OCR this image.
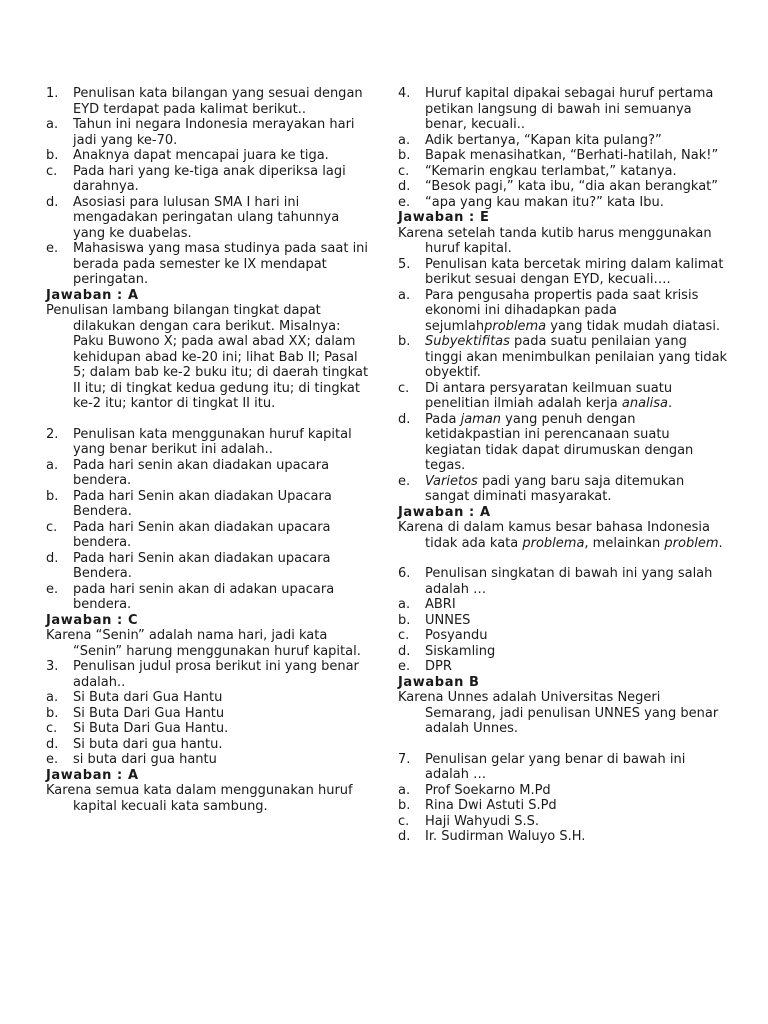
1.	Penulisan kata bilangan yang sesuai dengan EYD terdapat pada kalimat berikut..
a.	Tahun ini negara Indonesia merayakan hari jadi yang ke-70.
b.	Anaknya dapat mencapai juara ke tiga.
c.	Pada hari yang ke-tiga anak diperiksa lagi darahnya.
d.	Asosiasi para lulusan SMA I hari ini mengadakan peringatan ulang tahunnya yang ke duabelas.
e.	Mahasiswa yang masa studinya pada saat ini berada pada semester ke IX mendapat peringatan.
Jawaban : A
Penulisan lambang bilangan tingkat dapat dilakukan dengan cara berikut. Misalnya: Paku Buwono X; pada awal abad XX; dalam kehidupan abad ke-20 ini; lihat Bab II; Pasal 5; dalam bab ke-2 buku itu; di daerah tingkat II itu; di tingkat kedua gedung itu; di tingkat ke-2 itu; kantor di tingkat II itu.
2.	Penulisan kata menggunakan huruf kapital yang benar berikut ini adalah..
a.	Pada hari senin akan diadakan upacara bendera.
b.	Pada hari Senin akan diadakan Upacara Bendera.
c.	Pada hari Senin akan diadakan upacara bendera.
d.	Pada hari Senin akan diadakan upacara Bendera.
e.	pada hari senin akan di adakan upacara bendera.
Jawaban : C
Karena “Senin” adalah nama hari, jadi kata “Senin” harung menggunakan huruf kapital.
3.	Penulisan judul prosa berikut ini yang benar adalah..
a.	Si Buta dari Gua Hantu
b.	Si Buta Dari Gua Hantu
c.	Si Buta Dari Gua Hantu.
d.	Si buta dari gua hantu.
e.	si buta dari gua hantu
Jawaban : A
Karena semua kata dalam menggunakan huruf kapital kecuali kata sambung.
4.	Huruf kapital dipakai sebagai huruf pertama petikan langsung di bawah ini semuanya benar, kecuali..
a.	Adik bertanya, “Kapan kita pulang?”
b.	Bapak menasihatkan, “Berhati-hatilah, Nak!”
c.	“Kemarin engkau terlambat,” katanya.
d.	“Besok pagi,” kata ibu, “dia akan berangkat”
e.	“apa yang kau makan itu?” kata Ibu.
Jawaban : E
Karena setelah tanda kutib harus menggunakan huruf kapital.
5.	Penulisan kata bercetak miring dalam kalimat berikut sesuai dengan EYD, kecuali….
a.	Para pengusaha propertis pada saat krisis ekonomi ini dihadapkan pada sejumlahproblema yang tidak mudah diatasi.
b.	Subyektifitas pada suatu penilaian yang tinggi akan menimbulkan penilaian yang tidak obyektif.
c.	Di antara persyaratan keilmuan suatu penelitian ilmiah adalah kerja analisa.
d.	Pada jaman yang penuh dengan ketidakpastian ini perencanaan suatu kegiatan tidak dapat dirumuskan dengan tegas.
e.	Varietos padi yang baru saja ditemukan sangat diminati masyarakat.
Jawaban : A
Karena di dalam kamus besar bahasa Indonesia tidak ada kata problema, melainkan problem.
6.	Penulisan singkatan di bawah ini yang salah adalah …
a.	ABRI
b.	UNNES
c.	Posyandu
d.	Siskamling
e.	DPR
Jawaban B
Karena Unnes adalah Universitas Negeri Semarang, jadi penulisan UNNES yang benar adalah Unnes.
7.	Penulisan gelar yang benar di bawah ini adalah …
a.	Prof Soekarno M.Pd
b.	Rina Dwi Astuti S.Pd
c.	Haji Wahyudi S.S.
d.	Ir. Sudirman Waluyo S.H.
